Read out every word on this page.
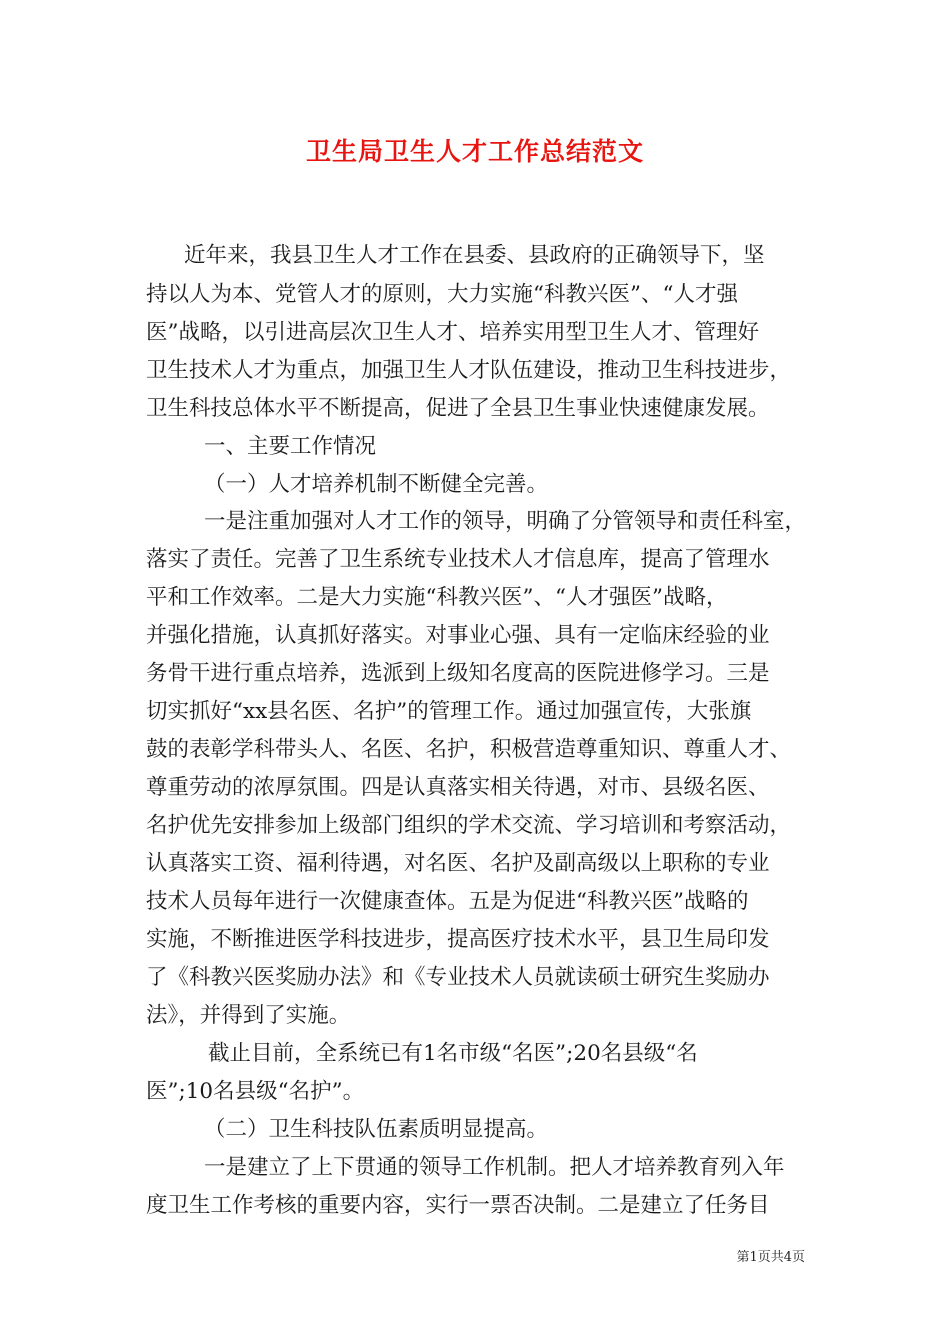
卫生局卫生人才工作总结范文
近年来，我县卫生人才工作在县委、县政府的正确领导下，坚
持以人为本、党管人才的原则，大力实施“科教兴医”、“人才强
医”战略，以引进高层次卫生人才、培养实用型卫生人才、管理好
卫生技术人才为重点，加强卫生人才队伍建设，推动卫生科技进步，
卫生科技总体水平不断提高，促进了全县卫生事业快速健康发展。
一、主要工作情况
（一）人才培养机制不断健全完善。
一是注重加强对人才工作的领导，明确了分管领导和责任科室，
落实了责任。完善了卫生系统专业技术人才信息库，提高了管理水
平和工作效率。二是大力实施“科教兴医”、“人才强医”战略，
并强化措施，认真抓好落实。对事业心强、具有一定临床经验的业
务骨干进行重点培养，选派到上级知名度高的医院进修学习。三是
切实抓好“xx县名医、名护”的管理工作。通过加强宣传，大张旗
鼓的表彰学科带头人、名医、名护，积极营造尊重知识、尊重人才、
尊重劳动的浓厚氛围。四是认真落实相关待遇，对市、县级名医、
名护优先安排参加上级部门组织的学术交流、学习培训和考察活动，
认真落实工资、福利待遇，对名医、名护及副高级以上职称的专业
技术人员每年进行一次健康查体。五是为促进“科教兴医”战略的
实施，不断推进医学科技进步，提高医疗技术水平，县卫生局印发
了《科教兴医奖励办法》和《专业技术人员就读硕士研究生奖励办
法》，并得到了实施。
截止目前，全系统已有1名市级“名医”;20名县级“名
医”;10名县级“名护”。
（二）卫生科技队伍素质明显提高。
一是建立了上下贯通的领导工作机制。把人才培养教育列入年
度卫生工作考核的重要内容，实行一票否决制。二是建立了任务目
第1页共4页
